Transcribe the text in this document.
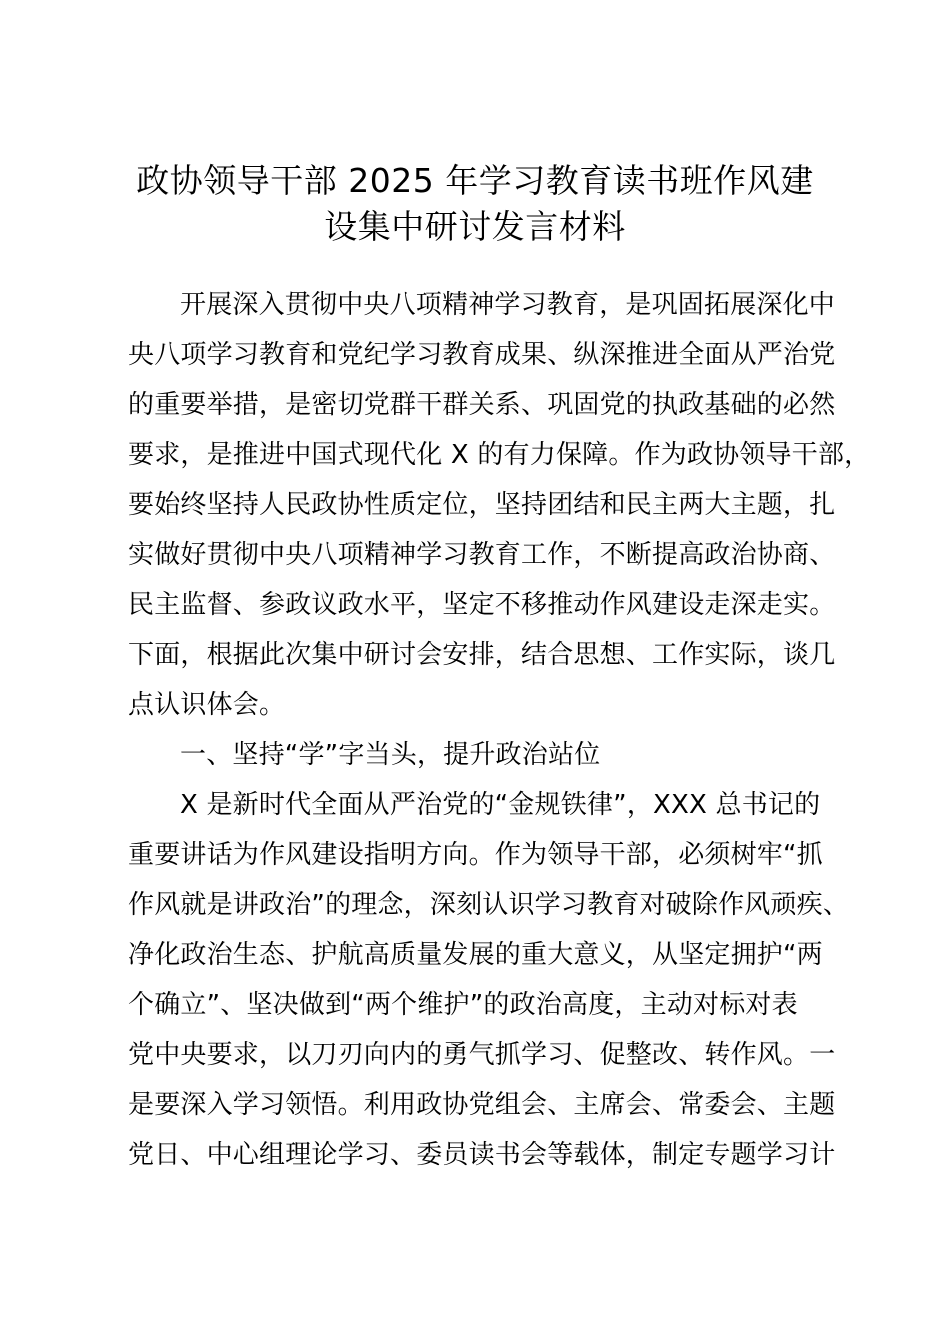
政协领导干部 2025 年学习教育读书班作风建
设集中研讨发言材料
开展深入贯彻中央八项精神学习教育，是巩固拓展深化中
央八项学习教育和党纪学习教育成果、纵深推进全面从严治党
的重要举措，是密切党群干群关系、巩固党的执政基础的必然
要求，是推进中国式现代化 X 的有力保障。作为政协领导干部，
要始终坚持人民政协性质定位，坚持团结和民主两大主题，扎
实做好贯彻中央八项精神学习教育工作，不断提高政治协商、
民主监督、参政议政水平，坚定不移推动作风建设走深走实。
下面，根据此次集中研讨会安排，结合思想、工作实际，谈几
点认识体会。
一、坚持“学”字当头，提升政治站位
X 是新时代全面从严治党的“金规铁律”，XXX 总书记的
重要讲话为作风建设指明方向。作为领导干部，必须树牢“抓
作风就是讲政治”的理念，深刻认识学习教育对破除作风顽疾、
净化政治生态、护航高质量发展的重大意义，从坚定拥护“两
个确立”、坚决做到“两个维护”的政治高度，主动对标对表
党中央要求，以刀刃向内的勇气抓学习、促整改、转作风。一
是要深入学习领悟。利用政协党组会、主席会、常委会、主题
党日、中心组理论学习、委员读书会等载体，制定专题学习计
